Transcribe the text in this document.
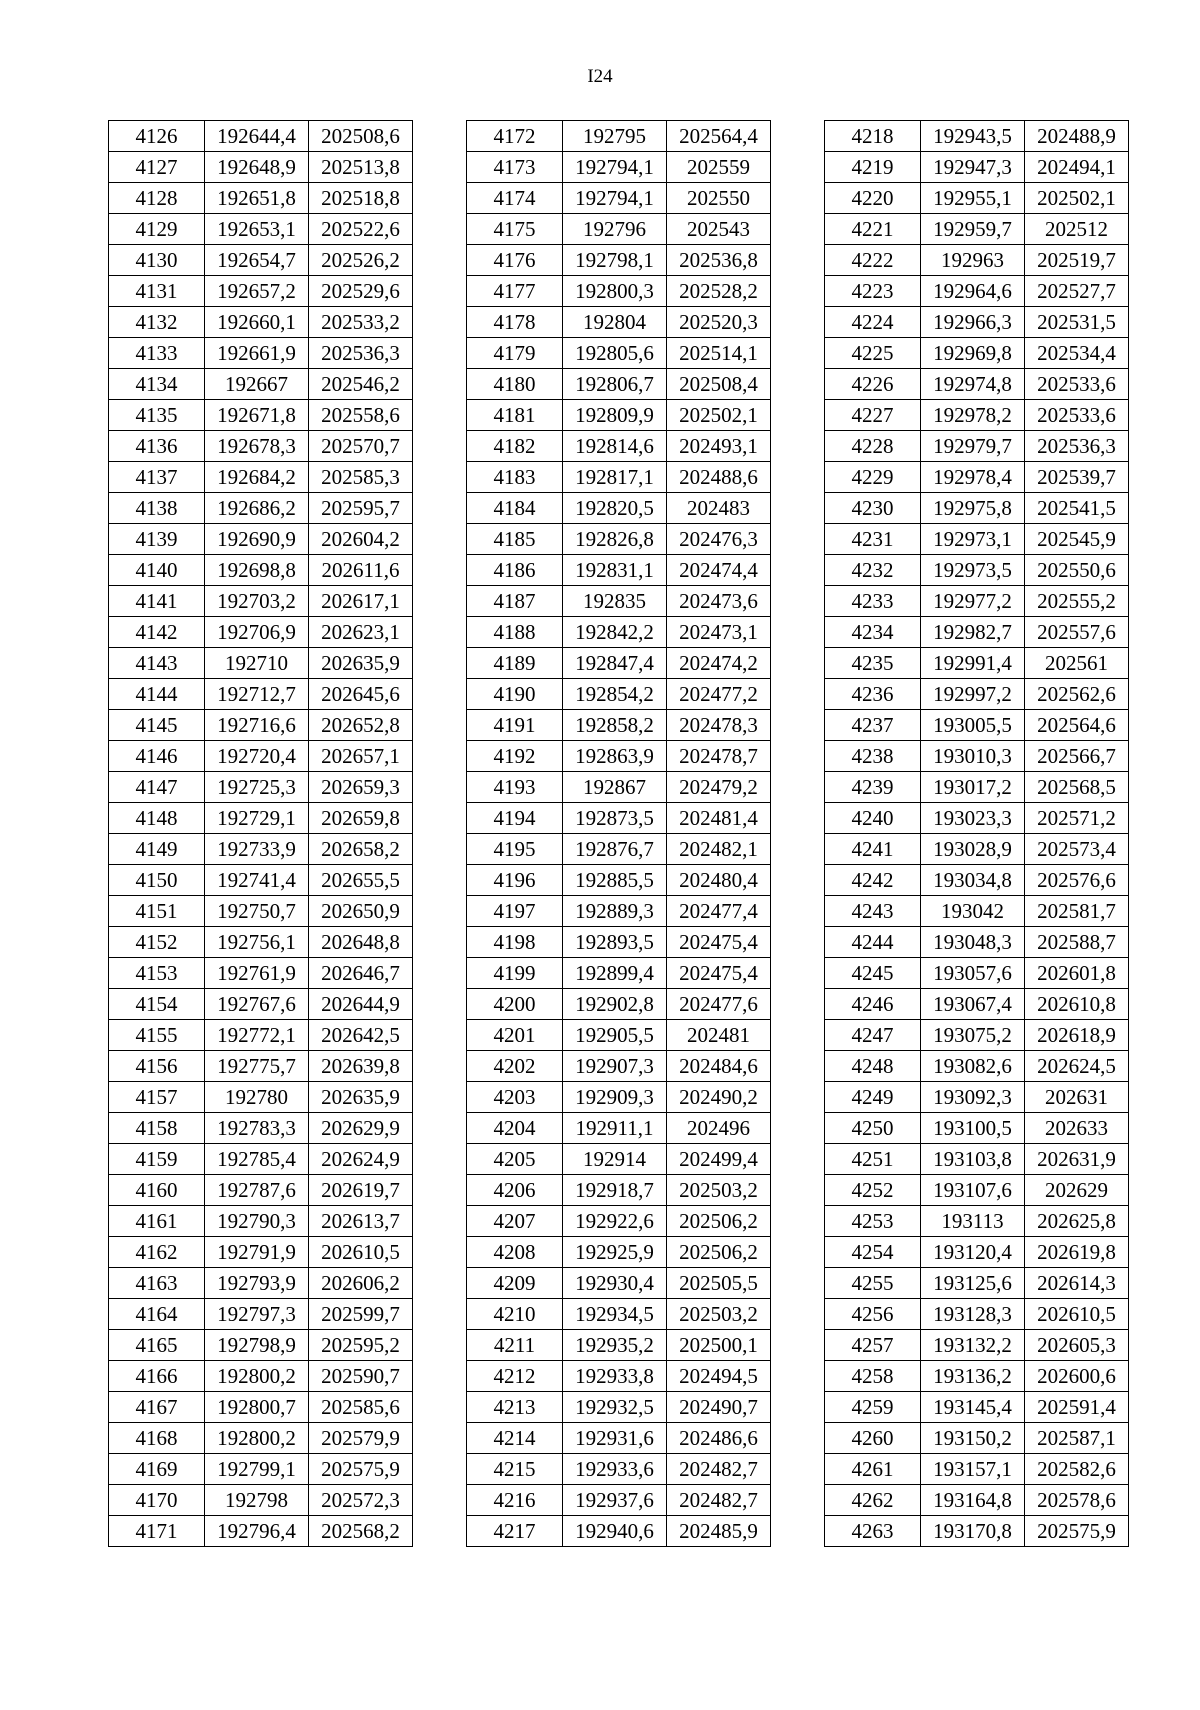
I24
4126	192644,4	202508,6
4127	192648,9	202513,8
4128	192651,8	202518,8
4129	192653,1	202522,6
4130	192654,7	202526,2
4131	192657,2	202529,6
4132	192660,1	202533,2
4133	192661,9	202536,3
4134	192667	202546,2
4135	192671,8	202558,6
4136	192678,3	202570,7
4137	192684,2	202585,3
4138	192686,2	202595,7
4139	192690,9	202604,2
4140	192698,8	202611,6
4141	192703,2	202617,1
4142	192706,9	202623,1
4143	192710	202635,9
4144	192712,7	202645,6
4145	192716,6	202652,8
4146	192720,4	202657,1
4147	192725,3	202659,3
4148	192729,1	202659,8
4149	192733,9	202658,2
4150	192741,4	202655,5
4151	192750,7	202650,9
4152	192756,1	202648,8
4153	192761,9	202646,7
4154	192767,6	202644,9
4155	192772,1	202642,5
4156	192775,7	202639,8
4157	192780	202635,9
4158	192783,3	202629,9
4159	192785,4	202624,9
4160	192787,6	202619,7
4161	192790,3	202613,7
4162	192791,9	202610,5
4163	192793,9	202606,2
4164	192797,3	202599,7
4165	192798,9	202595,2
4166	192800,2	202590,7
4167	192800,7	202585,6
4168	192800,2	202579,9
4169	192799,1	202575,9
4170	192798	202572,3
4171	192796,4	202568,2
4172	192795	202564,4
4173	192794,1	202559
4174	192794,1	202550
4175	192796	202543
4176	192798,1	202536,8
4177	192800,3	202528,2
4178	192804	202520,3
4179	192805,6	202514,1
4180	192806,7	202508,4
4181	192809,9	202502,1
4182	192814,6	202493,1
4183	192817,1	202488,6
4184	192820,5	202483
4185	192826,8	202476,3
4186	192831,1	202474,4
4187	192835	202473,6
4188	192842,2	202473,1
4189	192847,4	202474,2
4190	192854,2	202477,2
4191	192858,2	202478,3
4192	192863,9	202478,7
4193	192867	202479,2
4194	192873,5	202481,4
4195	192876,7	202482,1
4196	192885,5	202480,4
4197	192889,3	202477,4
4198	192893,5	202475,4
4199	192899,4	202475,4
4200	192902,8	202477,6
4201	192905,5	202481
4202	192907,3	202484,6
4203	192909,3	202490,2
4204	192911,1	202496
4205	192914	202499,4
4206	192918,7	202503,2
4207	192922,6	202506,2
4208	192925,9	202506,2
4209	192930,4	202505,5
4210	192934,5	202503,2
4211	192935,2	202500,1
4212	192933,8	202494,5
4213	192932,5	202490,7
4214	192931,6	202486,6
4215	192933,6	202482,7
4216	192937,6	202482,7
4217	192940,6	202485,9
4218	192943,5	202488,9
4219	192947,3	202494,1
4220	192955,1	202502,1
4221	192959,7	202512
4222	192963	202519,7
4223	192964,6	202527,7
4224	192966,3	202531,5
4225	192969,8	202534,4
4226	192974,8	202533,6
4227	192978,2	202533,6
4228	192979,7	202536,3
4229	192978,4	202539,7
4230	192975,8	202541,5
4231	192973,1	202545,9
4232	192973,5	202550,6
4233	192977,2	202555,2
4234	192982,7	202557,6
4235	192991,4	202561
4236	192997,2	202562,6
4237	193005,5	202564,6
4238	193010,3	202566,7
4239	193017,2	202568,5
4240	193023,3	202571,2
4241	193028,9	202573,4
4242	193034,8	202576,6
4243	193042	202581,7
4244	193048,3	202588,7
4245	193057,6	202601,8
4246	193067,4	202610,8
4247	193075,2	202618,9
4248	193082,6	202624,5
4249	193092,3	202631
4250	193100,5	202633
4251	193103,8	202631,9
4252	193107,6	202629
4253	193113	202625,8
4254	193120,4	202619,8
4255	193125,6	202614,3
4256	193128,3	202610,5
4257	193132,2	202605,3
4258	193136,2	202600,6
4259	193145,4	202591,4
4260	193150,2	202587,1
4261	193157,1	202582,6
4262	193164,8	202578,6
4263	193170,8	202575,9
